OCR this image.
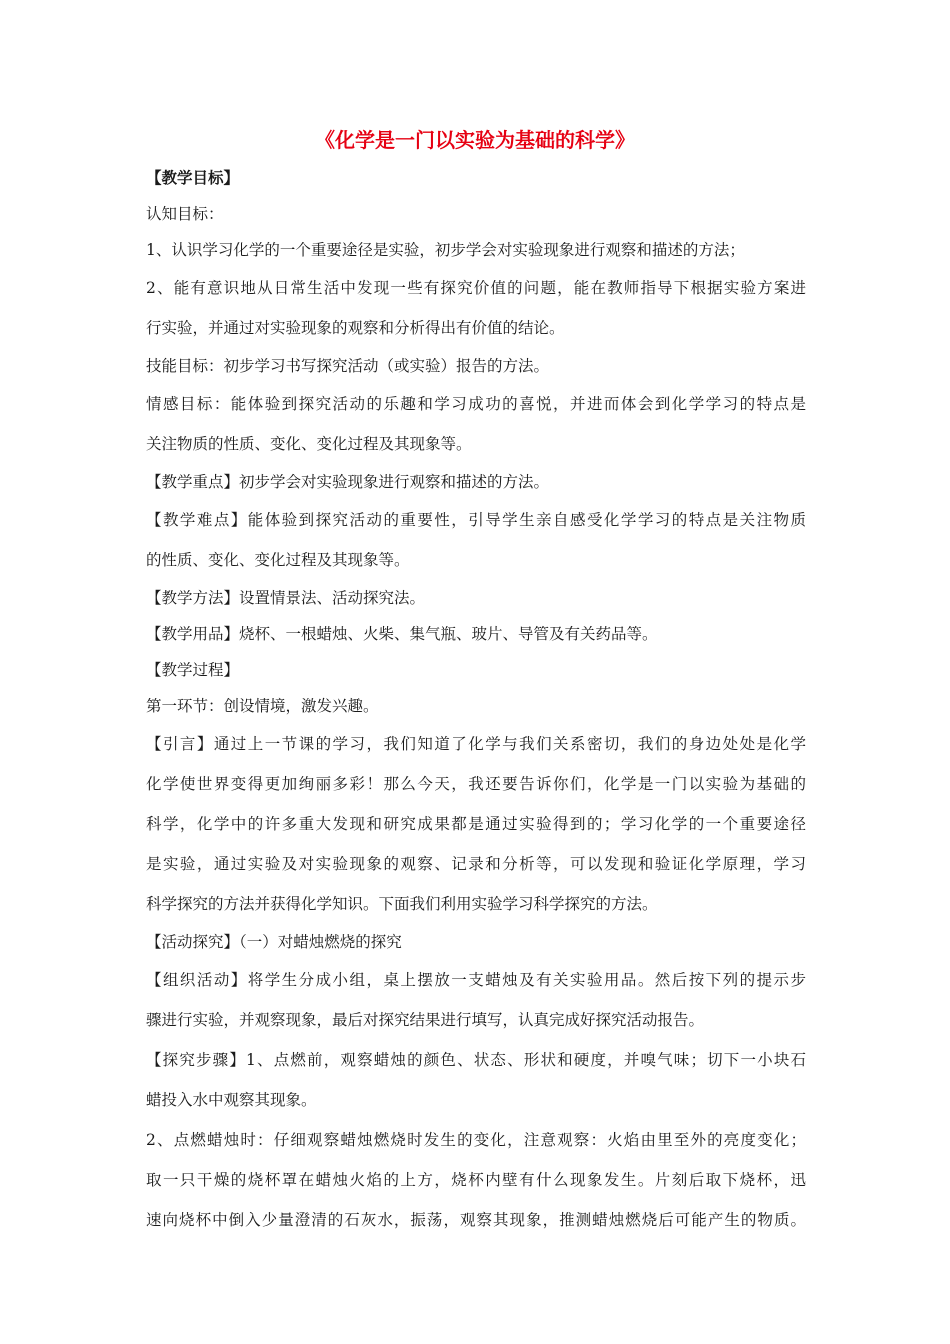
《化学是一门以实验为基础的科学》
【教学目标】
认知目标：
1、认识学习化学的一个重要途径是实验，初步学会对实验现象进行观察和描述的方法；
2、能有意识地从日常生活中发现一些有探究价值的问题，能在教师指导下根据实验方案进
行实验，并通过对实验现象的观察和分析得出有价值的结论。
技能目标：初步学习书写探究活动（或实验）报告的方法。
情感目标：能体验到探究活动的乐趣和学习成功的喜悦，并进而体会到化学学习的特点是
关注物质的性质、变化、变化过程及其现象等。
【教学重点】初步学会对实验现象进行观察和描述的方法。
【教学难点】能体验到探究活动的重要性，引导学生亲自感受化学学习的特点是关注物质
的性质、变化、变化过程及其现象等。
【教学方法】设置情景法、活动探究法。
【教学用品】烧杯、一根蜡烛、火柴、集气瓶、玻片、导管及有关药品等。
【教学过程】
第一环节：创设情境，激发兴趣。
【引言】通过上一节课的学习，我们知道了化学与我们关系密切，我们的身边处处是化学
化学使世界变得更加绚丽多彩！那么今天，我还要告诉你们，化学是一门以实验为基础的
科学，化学中的许多重大发现和研究成果都是通过实验得到的；学习化学的一个重要途径
是实验，通过实验及对实验现象的观察、记录和分析等，可以发现和验证化学原理，学习
科学探究的方法并获得化学知识。下面我们利用实验学习科学探究的方法。
【活动探究】（一）对蜡烛燃烧的探究
【组织活动】将学生分成小组，桌上摆放一支蜡烛及有关实验用品。然后按下列的提示步
骤进行实验，并观察现象，最后对探究结果进行填写，认真完成好探究活动报告。
【探究步骤】1、点燃前，观察蜡烛的颜色、状态、形状和硬度，并嗅气味；切下一小块石
蜡投入水中观察其现象。
2、点燃蜡烛时：仔细观察蜡烛燃烧时发生的变化，注意观察：火焰由里至外的亮度变化；
取一只干燥的烧杯罩在蜡烛火焰的上方，烧杯内壁有什么现象发生。片刻后取下烧杯，迅
速向烧杯中倒入少量澄清的石灰水，振荡，观察其现象，推测蜡烛燃烧后可能产生的物质。
